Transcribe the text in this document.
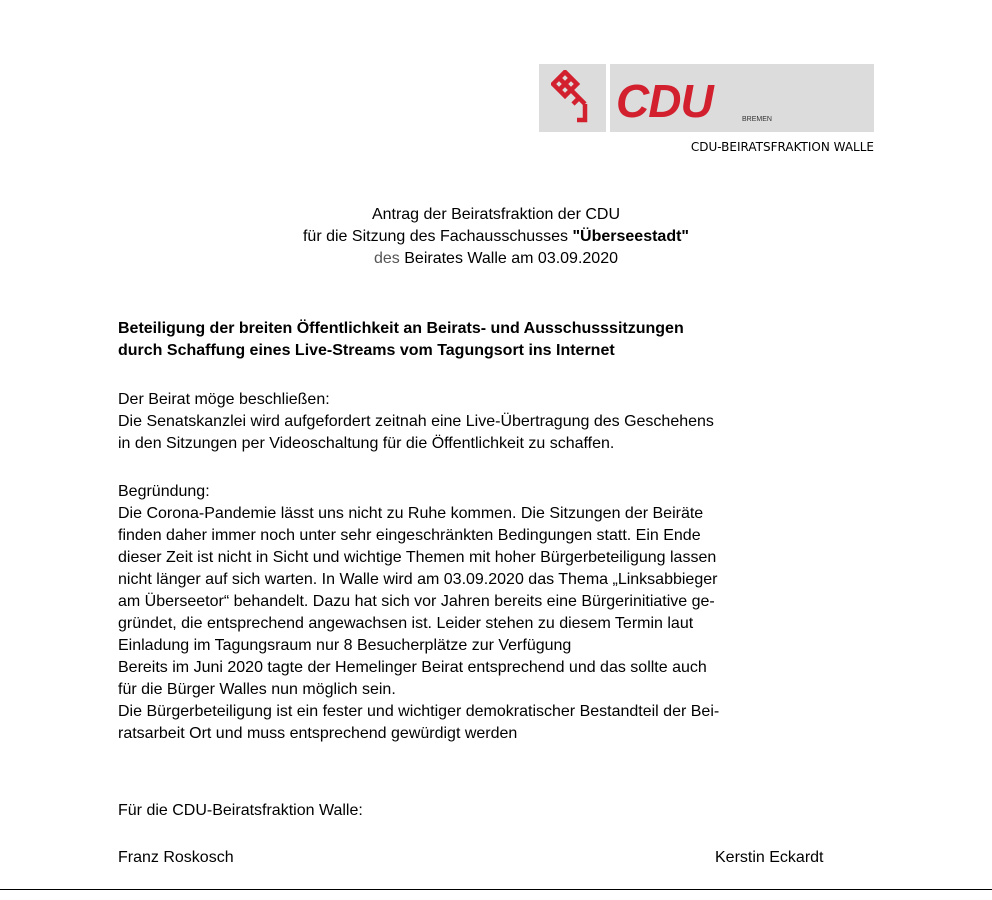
CDU	BREMEN
CDU-BEIRATSFRAKTION WALLE
Antrag der Beiratsfraktion der CDU
für die Sitzung des Fachausschusses "Überseestadt"
des Beirates Walle am 03.09.2020
Beteiligung der breiten Öffentlichkeit an Beirats- und Ausschusssitzungen
durch Schaffung eines Live-Streams vom Tagungsort ins Internet
Der Beirat möge beschließen:
Die Senatskanzlei wird aufgefordert zeitnah eine Live-Übertragung des Geschehens
in den Sitzungen per Videoschaltung für die Öffentlichkeit zu schaffen.
Begründung:
Die Corona-Pandemie lässt uns nicht zu Ruhe kommen. Die Sitzungen der Beiräte
finden daher immer noch unter sehr eingeschränkten Bedingungen statt. Ein Ende
dieser Zeit ist nicht in Sicht und wichtige Themen mit hoher Bürgerbeteiligung lassen
nicht länger auf sich warten. In Walle wird am 03.09.2020 das Thema „Linksabbieger
am Überseetor“ behandelt. Dazu hat sich vor Jahren bereits eine Bürgerinitiative ge-
gründet, die entsprechend angewachsen ist. Leider stehen zu diesem Termin laut
Einladung im Tagungsraum nur 8 Besucherplätze zur Verfügung
Bereits im Juni 2020 tagte der Hemelinger Beirat entsprechend und das sollte auch
für die Bürger Walles nun möglich sein.
Die Bürgerbeteiligung ist ein fester und wichtiger demokratischer Bestandteil der Bei-
ratsarbeit Ort und muss entsprechend gewürdigt werden
Für die CDU-Beiratsfraktion Walle:
Franz Roskosch	Kerstin Eckardt
